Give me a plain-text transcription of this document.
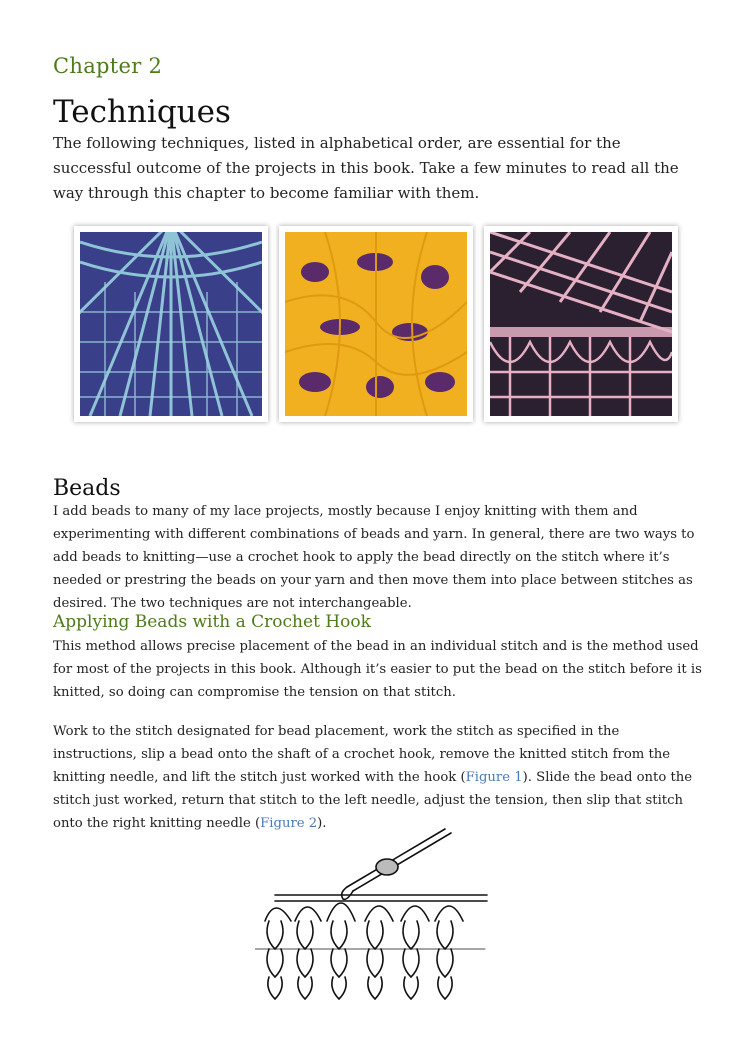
Chapter 2
Techniques
The following techniques, listed in alphabetical order, are essential for the successful outcome of the projects in this book. Take a few minutes to read all the way through this chapter to become familiar with them.
Beads
I add beads to many of my lace projects, mostly because I enjoy knitting with them and experimenting with different combinations of beads and yarn. In general, there are two ways to add beads to knitting—use a crochet hook to apply the bead directly on the stitch where it’s needed or prestring the beads on your yarn and then move them into place between stitches as desired. The two techniques are not interchangeable.
Applying Beads with a Crochet Hook
This method allows precise placement of the bead in an individual stitch and is the method used for most of the projects in this book. Although it’s easier to put the bead on the stitch before it is knitted, so doing can compromise the tension on that stitch.
Work to the stitch designated for bead placement, work the stitch as specified in the instructions, slip a bead onto the shaft of a crochet hook, remove the knitted stitch from the knitting needle, and lift the stitch just worked with the hook (Figure 1). Slide the bead onto the stitch just worked, return that stitch to the left needle, adjust the tension, then slip that stitch onto the right knitting needle (Figure 2).
